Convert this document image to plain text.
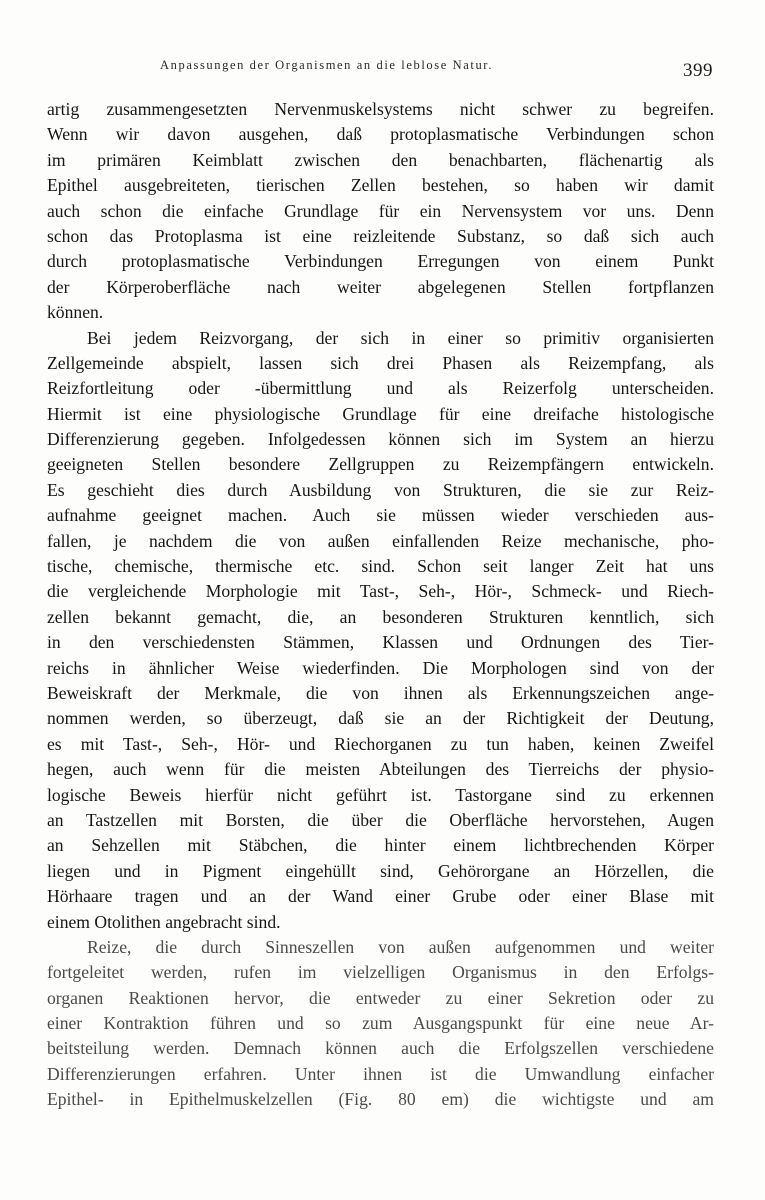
Anpassungen der Organismen an die leblose Natur.	399
artig zusammengesetzten Nervenmuskelsystems nicht schwer zu begreifen.
Wenn wir davon ausgehen, daß protoplasmatische Verbindungen schon
im primären Keimblatt zwischen den benachbarten, flächenartig als
Epithel ausgebreiteten, tierischen Zellen bestehen, so haben wir damit
auch schon die einfache Grundlage für ein Nervensystem vor uns. Denn
schon das Protoplasma ist eine reizleitende Substanz, so daß sich auch
durch protoplasmatische Verbindungen Erregungen von einem Punkt
der Körperoberfläche nach weiter abgelegenen Stellen fortpflanzen
können.
Bei jedem Reizvorgang, der sich in einer so primitiv organisierten
Zellgemeinde abspielt, lassen sich drei Phasen als Reizempfang, als
Reizfortleitung oder -übermittlung und als Reizerfolg unterscheiden.
Hiermit ist eine physiologische Grundlage für eine dreifache histologische
Differenzierung gegeben. Infolgedessen können sich im System an hierzu
geeigneten Stellen besondere Zellgruppen zu Reizempfängern entwickeln.
Es geschieht dies durch Ausbildung von Strukturen, die sie zur Reiz-
aufnahme geeignet machen. Auch sie müssen wieder verschieden aus-
fallen, je nachdem die von außen einfallenden Reize mechanische, pho-
tische, chemische, thermische etc. sind. Schon seit langer Zeit hat uns
die vergleichende Morphologie mit Tast-, Seh-, Hör-, Schmeck- und Riech-
zellen bekannt gemacht, die, an besonderen Strukturen kenntlich, sich
in den verschiedensten Stämmen, Klassen und Ordnungen des Tier-
reichs in ähnlicher Weise wiederfinden. Die Morphologen sind von der
Beweiskraft der Merkmale, die von ihnen als Erkennungszeichen ange-
nommen werden, so überzeugt, daß sie an der Richtigkeit der Deutung,
es mit Tast-, Seh-, Hör- und Riechorganen zu tun haben, keinen Zweifel
hegen, auch wenn für die meisten Abteilungen des Tierreichs der physio-
logische Beweis hierfür nicht geführt ist. Tastorgane sind zu erkennen
an Tastzellen mit Borsten, die über die Oberfläche hervorstehen, Augen
an Sehzellen mit Stäbchen, die hinter einem lichtbrechenden Körper
liegen und in Pigment eingehüllt sind, Gehörorgane an Hörzellen, die
Hörhaare tragen und an der Wand einer Grube oder einer Blase mit
einem Otolithen angebracht sind.
Reize, die durch Sinneszellen von außen aufgenommen und weiter
fortgeleitet werden, rufen im vielzelligen Organismus in den Erfolgs-
organen Reaktionen hervor, die entweder zu einer Sekretion oder zu
einer Kontraktion führen und so zum Ausgangspunkt für eine neue Ar-
beitsteilung werden. Demnach können auch die Erfolgszellen verschiedene
Differenzierungen erfahren. Unter ihnen ist die Umwandlung einfacher
Epithel- in Epithelmuskelzellen (Fig. 80 em) die wichtigste und am
